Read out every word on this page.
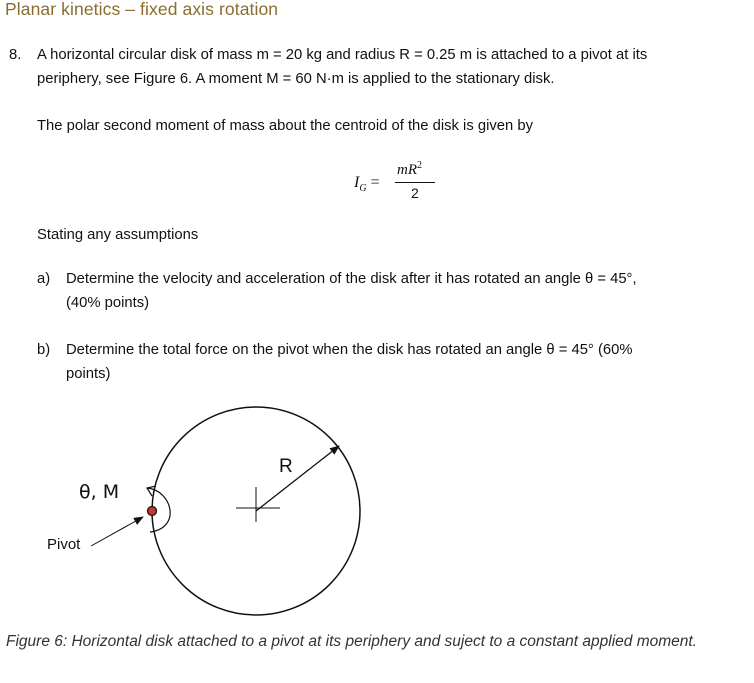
Planar kinetics – fixed axis rotation
8. A horizontal circular disk of mass m = 20 kg and radius R = 0.25 m is attached to a pivot at its
periphery, see Figure 6. A moment M = 60 N·m is applied to the stationary disk.
The polar second moment of mass about the centroid of the disk is given by
$I_G$ =
$mR^2$
2
Stating any assumptions
a) Determine the velocity and acceleration of the disk after it has rotated an angle θ = 45°,
(40% points)
b) Determine the total force on the pivot when the disk has rotated an angle θ = 45° (60%
points)
R
θ, M
Pivot
Figure 6: Horizontal disk attached to a pivot at its periphery and suject to a constant applied moment.
